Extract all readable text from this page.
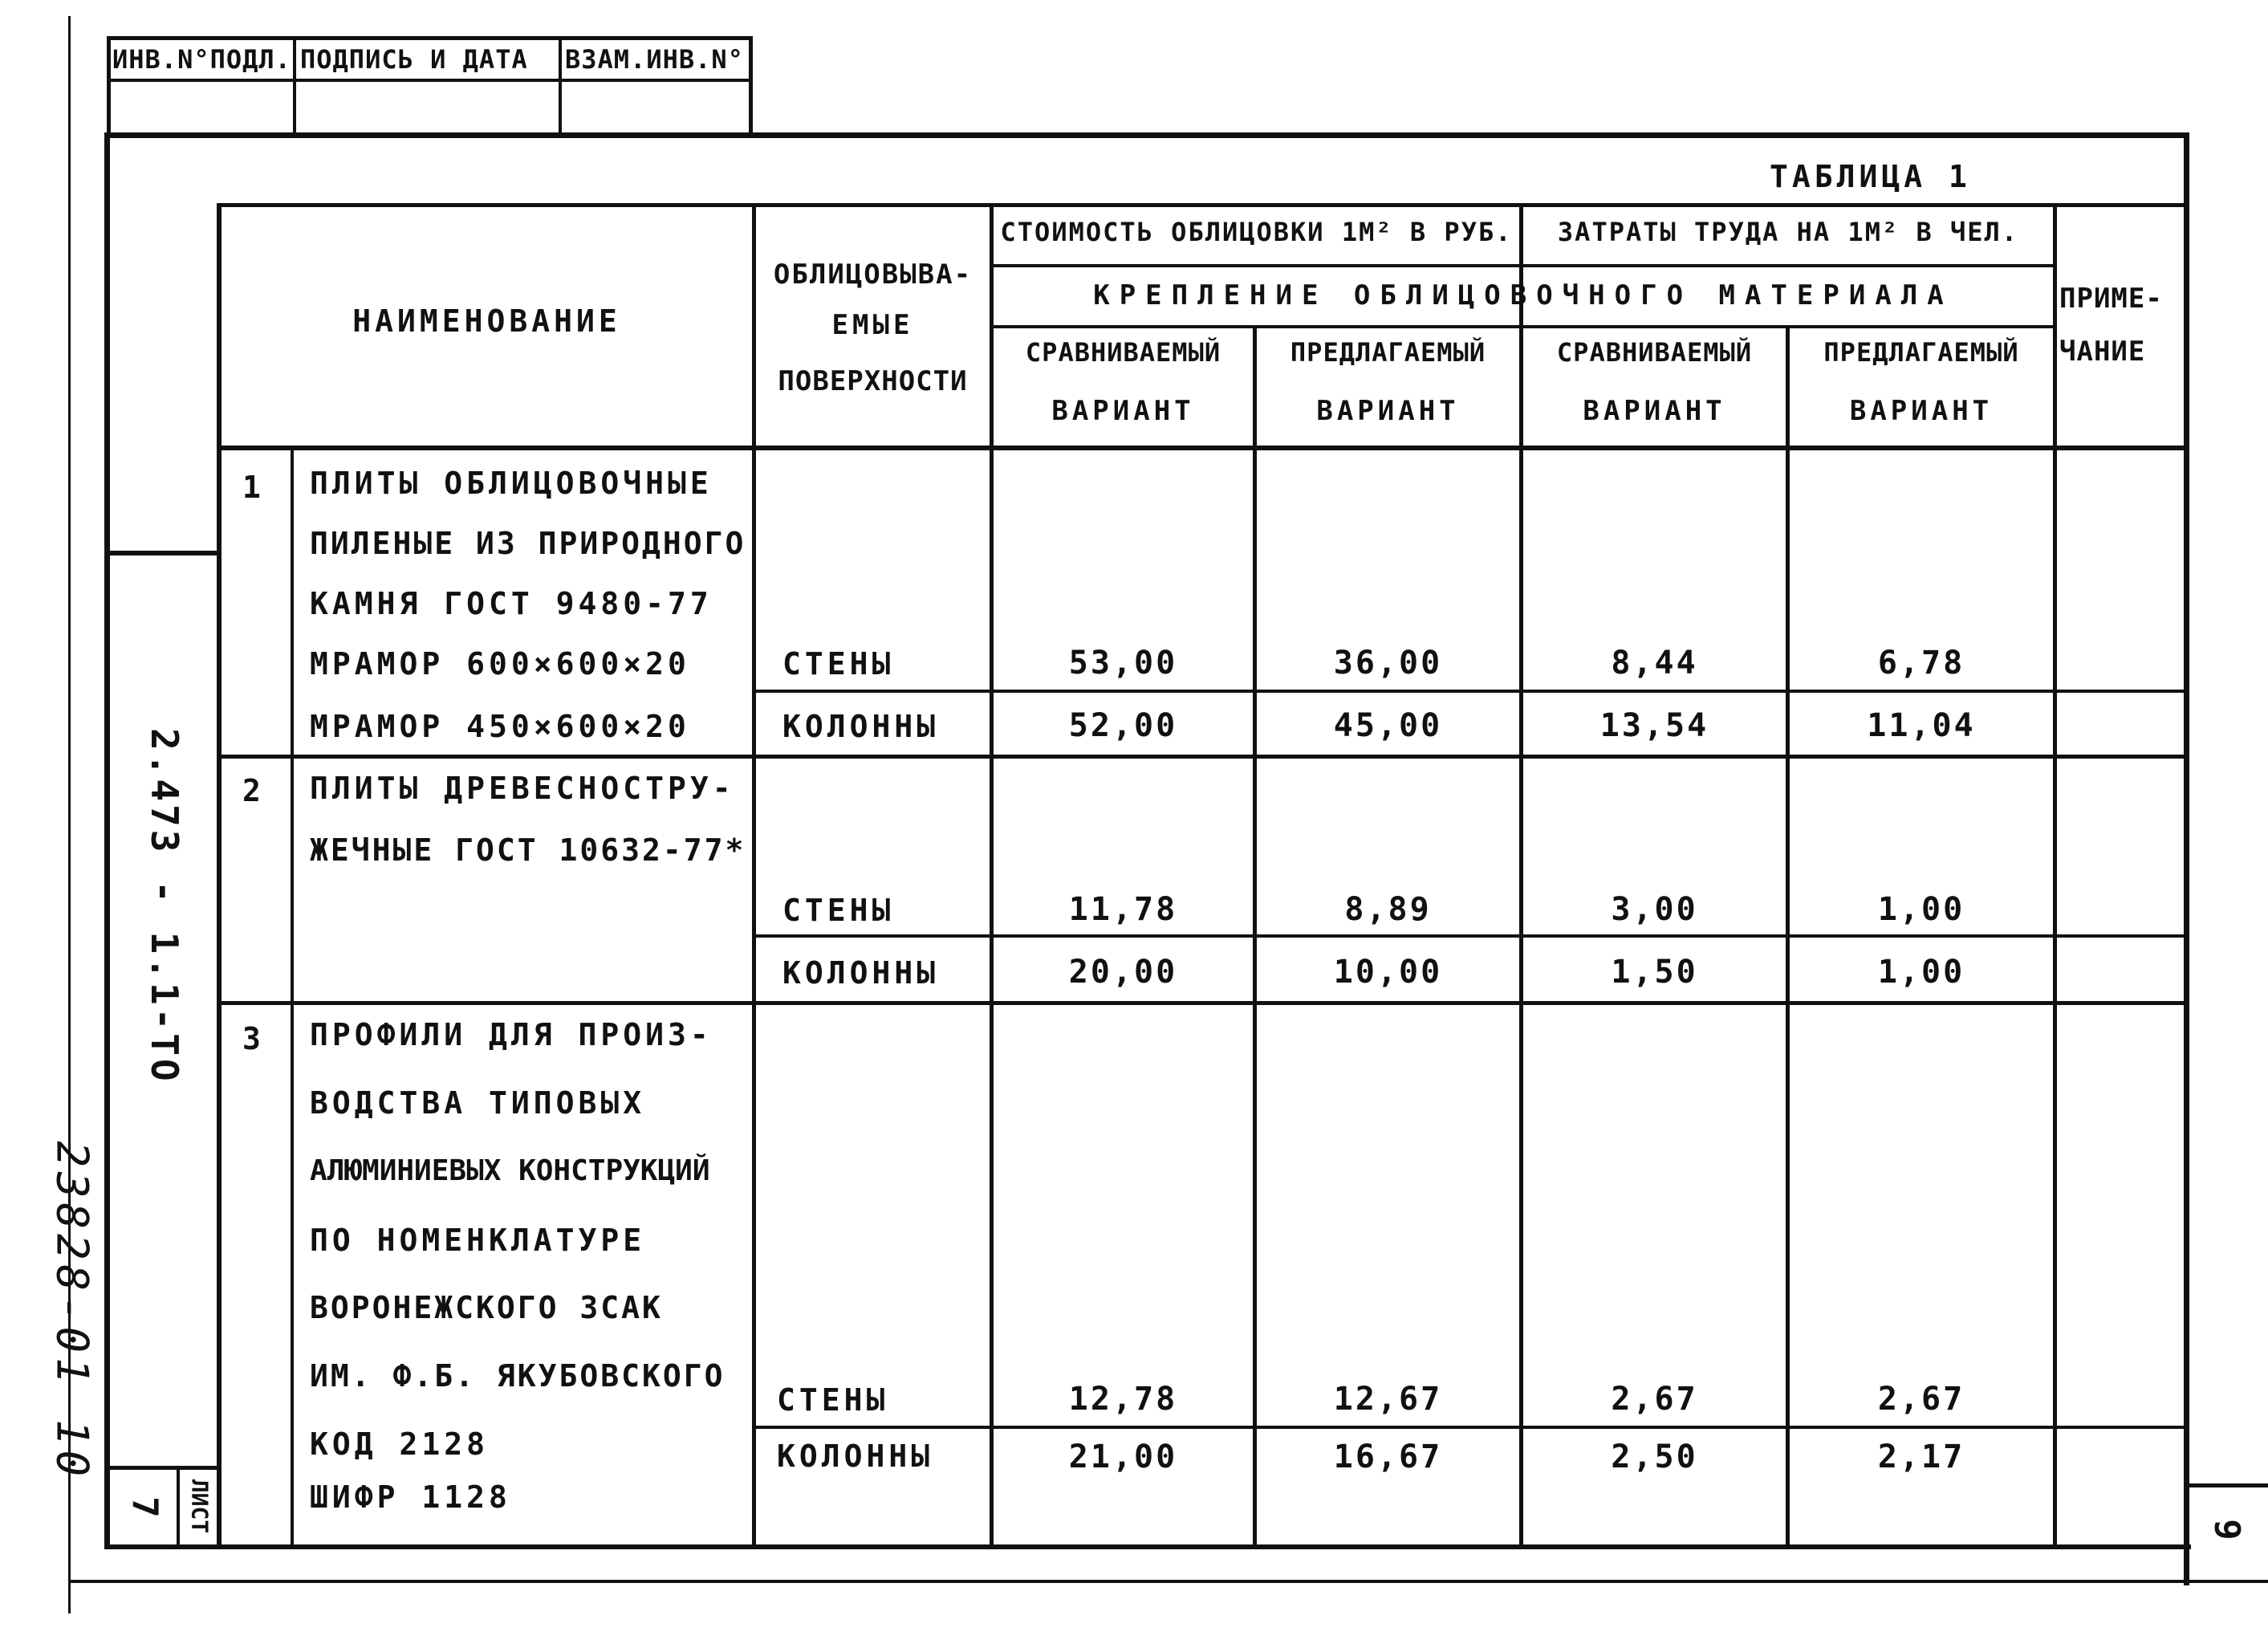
ИНВ.N°ПОДЛ. ПОДПИСЬ И ДАТА ВЗАМ.ИНВ.N°
2.473 - 1.1-ТО
23828-01 10
ЛИСТ
7
9
ТАБЛИЦА 1
НАИМЕНОВАНИЕ
ОБЛИЦОВЫВА-
ЕМЫЕ
ПОВЕРХНОСТИ
СТОИМОСТЬ ОБЛИЦОВКИ 1М² В РУБ.	ЗАТРАТЫ ТРУДА НА 1М² В ЧЕЛ.
КРЕПЛЕНИЕ ОБЛИЦОВОЧНОГО МАТЕРИАЛА
СРАВНИВАЕМЫЙ
ВАРИАНТ
ПРЕДЛАГАЕМЫЙ
ВАРИАНТ
СРАВНИВАЕМЫЙ
ВАРИАНТ
ПРЕДЛАГАЕМЫЙ
ВАРИАНТ
ПРИМЕ-
ЧАНИЕ
1 ПЛИТЫ ОБЛИЦОВОЧНЫЕ
ПИЛЕНЫЕ ИЗ ПРИРОДНОГО
КАМНЯ ГОСТ 9480-77
МРАМОР 600×600×20
МРАМОР 450×600×20
СТЕНЫ	53,00	36,00	8,44	6,78
КОЛОННЫ	52,00	45,00	13,54	11,04
2 ПЛИТЫ ДРЕВЕСНОСТРУ-
ЖЕЧНЫЕ ГОСТ 10632-77*
СТЕНЫ	11,78	8,89	3,00	1,00
КОЛОННЫ	20,00	10,00	1,50	1,00
3 ПРОФИЛИ ДЛЯ ПРОИЗ-
ВОДСТВА ТИПОВЫХ
АЛЮМИНИЕВЫХ КОНСТРУКЦИЙ
ПО НОМЕНКЛАТУРЕ
ВОРОНЕЖСКОГО ЗСАК
ИМ. Ф.Б. ЯКУБОВСКОГО
КОД 2128
ШИФР 1128
СТЕНЫ	12,78	12,67	2,67	2,67
КОЛОННЫ	21,00	16,67	2,50	2,17
